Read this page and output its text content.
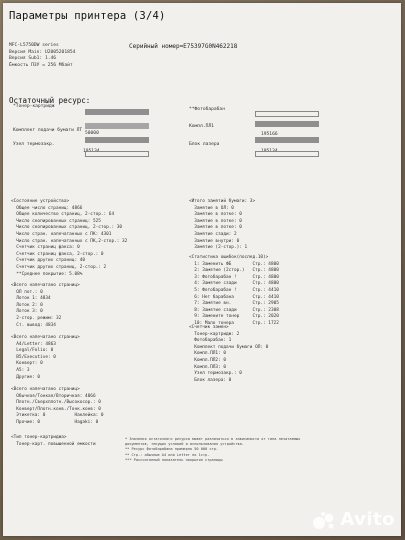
Параметры принтера (3/4)
MFC-L5750DW series
Версия Main: U2005201854
Версия Sub1: 1.46
Ёмкость ПЗУ = 256 Мбайт
Серийный номер=E75397G0N462218
Остаточный ресурс:
*Тонер-картридж
Комплект подачи бумаги ЛТ
50000
Узел термозакр.
195134
**Фотобарабан
Компл.ПЛ1
195166
Блок лазера
195134
<Состояние устройства>
Общее число страниц: 4866
Общее количество страниц, 2-стор.: 64
Число скопированных страниц: 525
Число скопированных страниц, 2-стор.: 30
Число стран. напечатанных с ПК: 4301
Число стран. напечатанных с ПК,2-стор.: 32
Счетчик страниц факса: 0
Счетчик страниц факса, 2-стор.: 0
Счетчик других страниц: 40
Счетчик других страниц, 2-стор.: 2
**Среднее покрытие: 5.08%
<Итого замятий бумаги: 3>
Замятие в ОЛ: 0
Замятие в лотке: 0
Замятие в лотке: 0
Замятие в лотке: 0
Замятие сзади: 2
Замятие внутри: 0
Замятие (2-стор.): 1
<Всего напечатано страниц>
ОЛ пот.: 0
Лоток 1: 4834
Лоток 2: 0
Лоток 3: 0
2-стор. режим: 32
Ст. вывод: 4834
<Статистика ошибок(послед.10)>
1: Заменить ФБ        Стр.: 4800
2: Замятие (2стор.)   Стр.: 4800
3: Фотобарабан !      Стр.: 4800
4: Замятие сзади      Стр.: 4800
5: Фотобарабан !      Стр.: 4410
6: Нет барабана       Стр.: 4410
7: Замятие вн.        Стр.: 2905
8: Замятие сзади      Стр.: 2308
9: Замените тонер     Стр.: 2020
10: Мало тонера       Стр.: 1722
<Всего напечатано страниц>
A4/Letter: 4863
Legal/Folio: 0
B5/Executive: 0
Конверт: 0
A5: 3
Другие: 0
<Счетчик замен>
Тонер-картридж: 2
Фотобарабан: 1
Комплект подачи бумаги ОЛ: 0
Компл.ПЛ1: 0
Компл.ПЛ2: 0
Компл.ПЛ3: 0
Узел термозакр.: 0
Блок лазера: 0
<Всего напечатано страниц>
Обычная/Тонкая/Вторичная: 4866
Плотн./Сверхплотн./Высокосор.: 0
Конверт/Плотн.конв./Тонк.конв: 0
Этикетка: 0           Наклейка: 0
Прочие: 0             Hagaki: 0
<Тип тонер-картриджа>
Тонер-карт. повышенной емкости
* Значения остаточного ресурса может различаться в зависимости от типа печатаемых
документов, текущих условий и использования устройства.
** Ресурс фотобарабана примерно 50 000 стр.
** Стр.: обычные A4 или Letter по 1стр.
*** Рассчитанный показатель покрытия страницы
Avito
